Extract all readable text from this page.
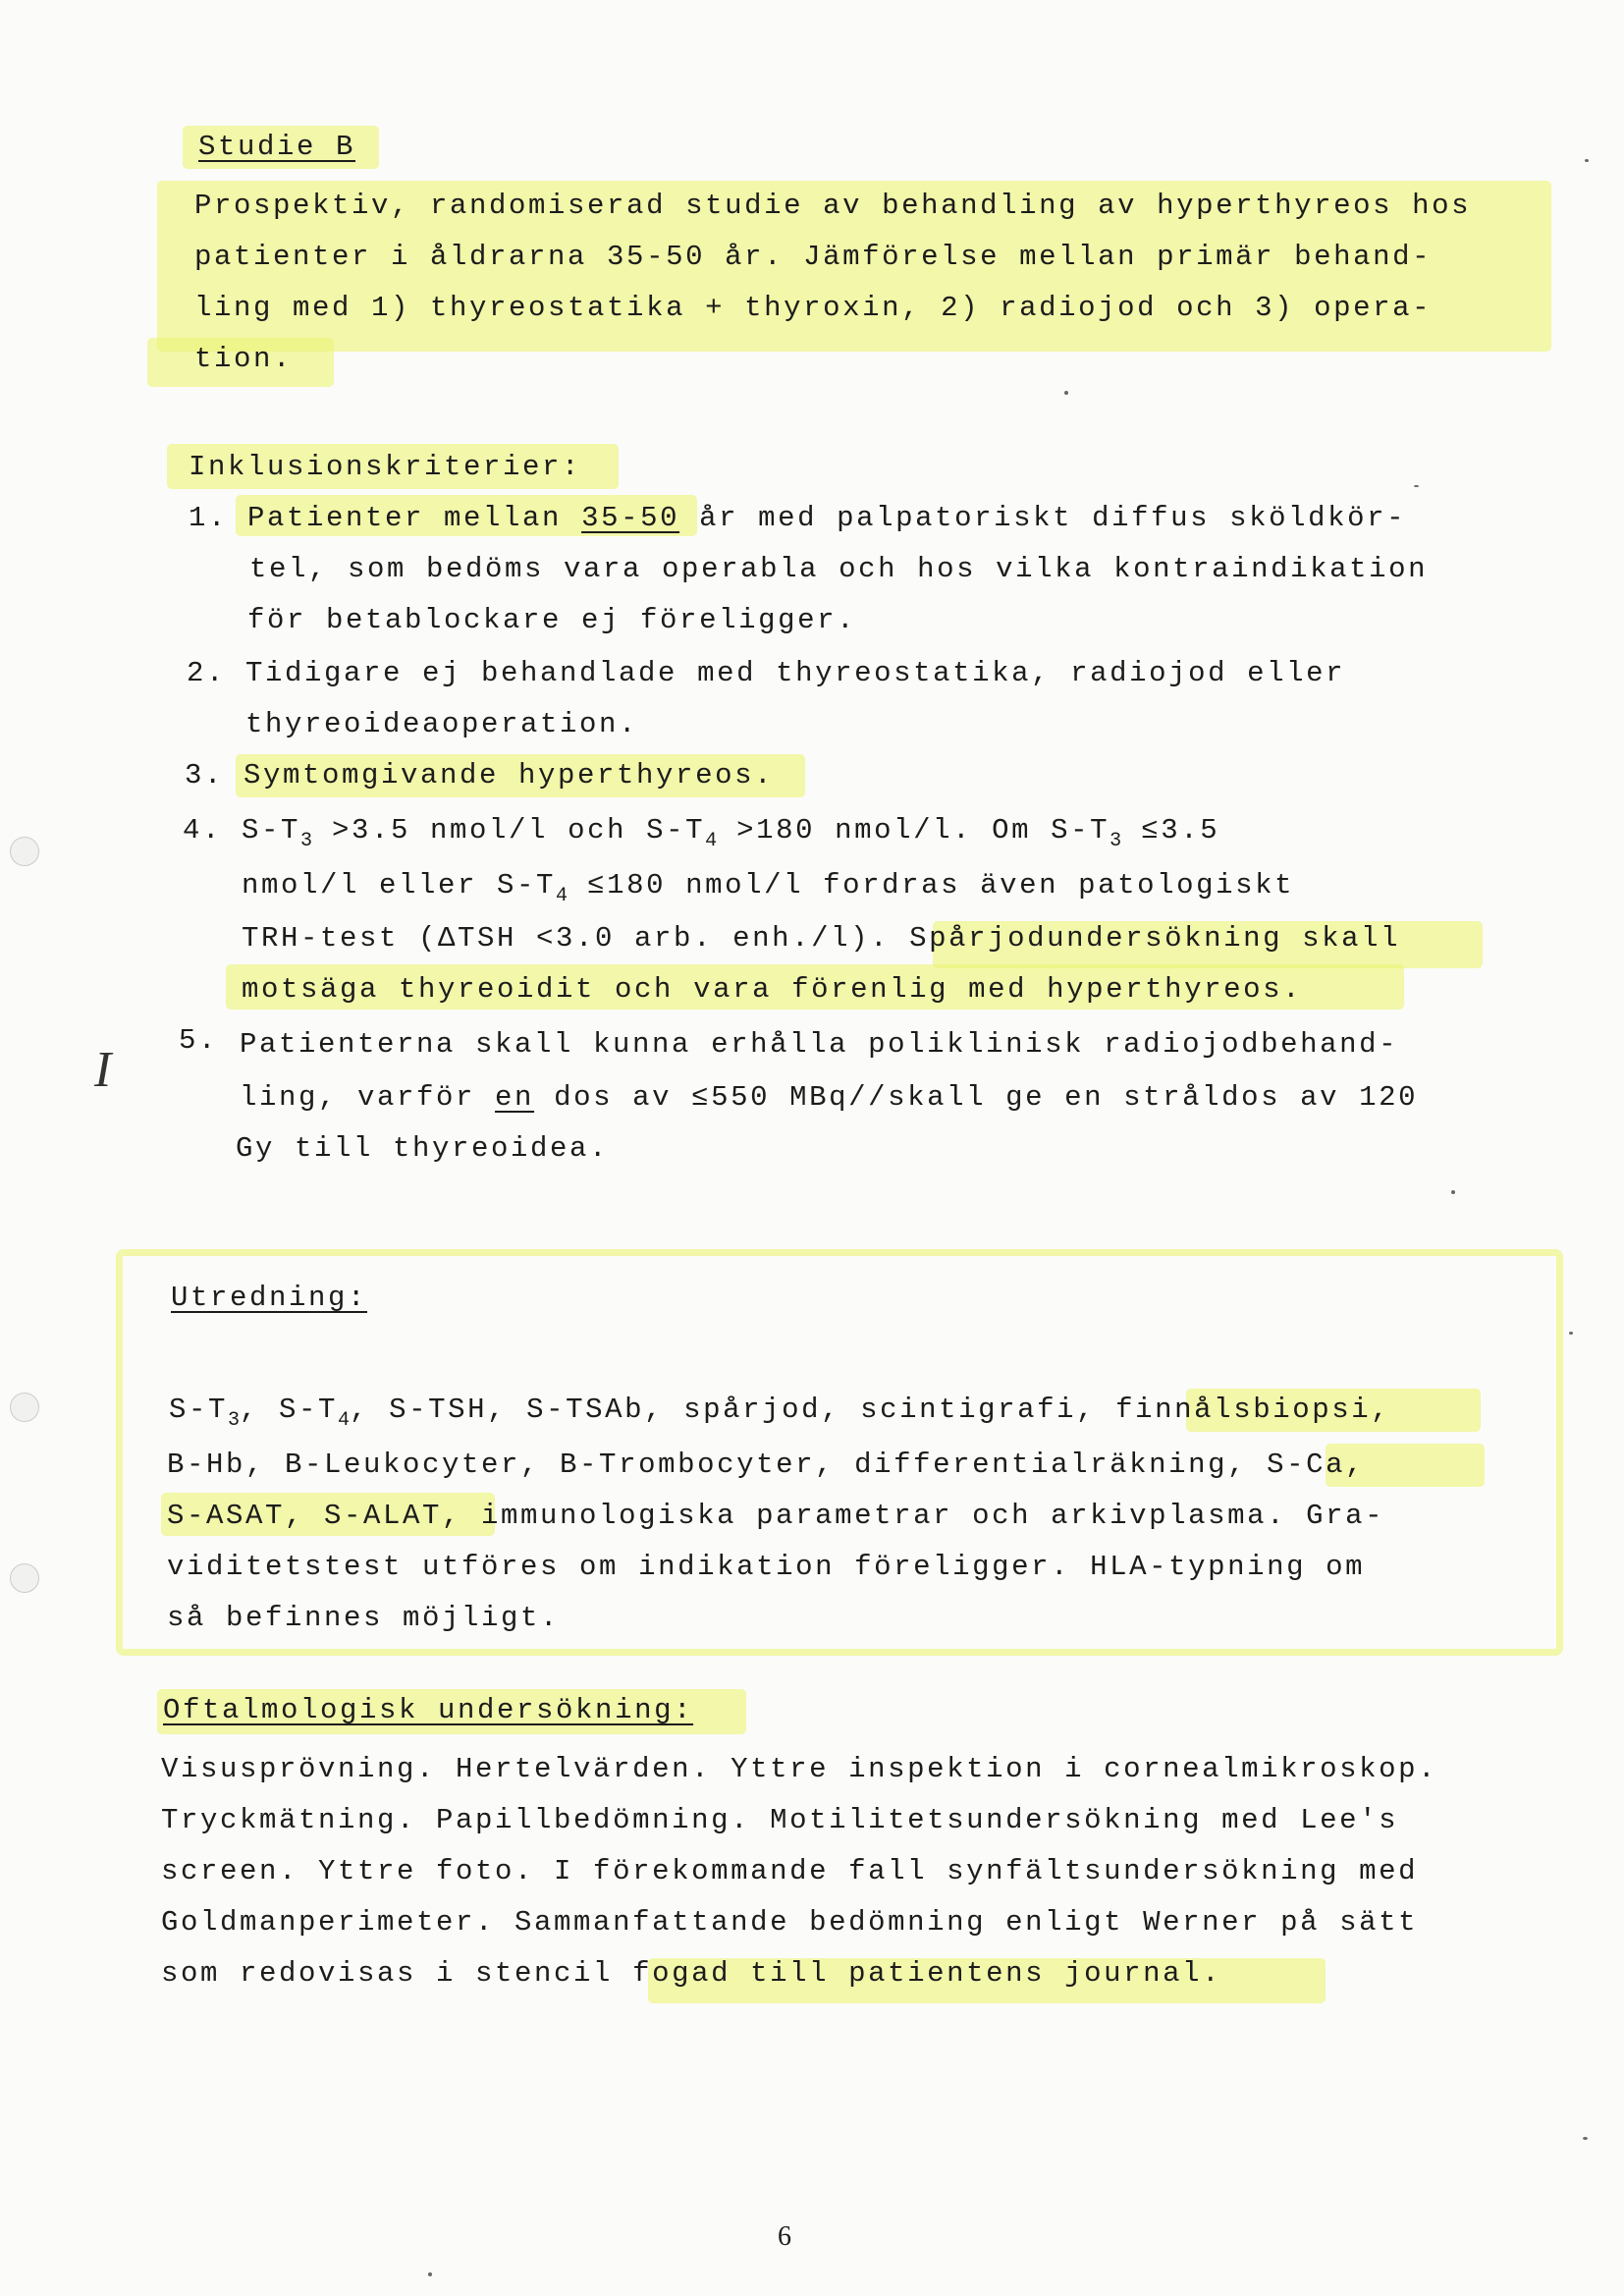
Studie B
Prospektiv, randomiserad studie av behandling av hyperthyreos hos
patienter i åldrarna 35-50 år. Jämförelse mellan primär behand-
ling med 1) thyreostatika + thyroxin, 2) radiojod och 3) opera-
tion.
Inklusionskriterier:
1. Patienter mellan 35-50 år med palpatoriskt diffus sköldkör-
tel, som bedöms vara operabla och hos vilka kontraindikation
för betablockare ej föreligger.
2. Tidigare ej behandlade med thyreostatika, radiojod eller
thyreoideaoperation.
3. Symtomgivande hyperthyreos.
4. $S-T_3 >3.5$ nmol/l och $S-T_4 >180$ nmol/l. Om $S-T_3 \le 3.5$
nmol/l eller $S-T_4 \le 180$ nmol/l fordras även patologiskt
TRH-test (ΔTSH <3.0 arb. enh./l). Spårjodundersökning skall
motsäga thyreoidit och vara förenlig med hyperthyreos.
5. Patienterna skall kunna erhålla poliklinisk radiojodbehand-
ling, varför en dos av ≤550 MBq//skall ge en stråldos av 120
Gy till thyreoidea.
Utredning:
$S-T_3$, $S-T_4$, S-TSH, S-TSAb, spårjod, scintigrafi, finnålsbiopsi,
B-Hb, B-Leukocyter, B-Trombocyter, differentialräkning, S-Ca,
S-ASAT, S-ALAT, immunologiska parametrar och arkivplasma. Gra-
viditetstest utföres om indikation föreligger. HLA-typning om
så befinnes möjligt.
Oftalmologisk undersökning:
Visusprövning. Hertelvärden. Yttre inspektion i cornealmikroskop.
Tryckmätning. Papillbedömning. Motilitetsundersökning med Lee's
screen. Yttre foto. I förekommande fall synfältsundersökning med
Goldmanperimeter. Sammanfattande bedömning enligt Werner på sätt
som redovisas i stencil fogad till patientens journal.
I
6
